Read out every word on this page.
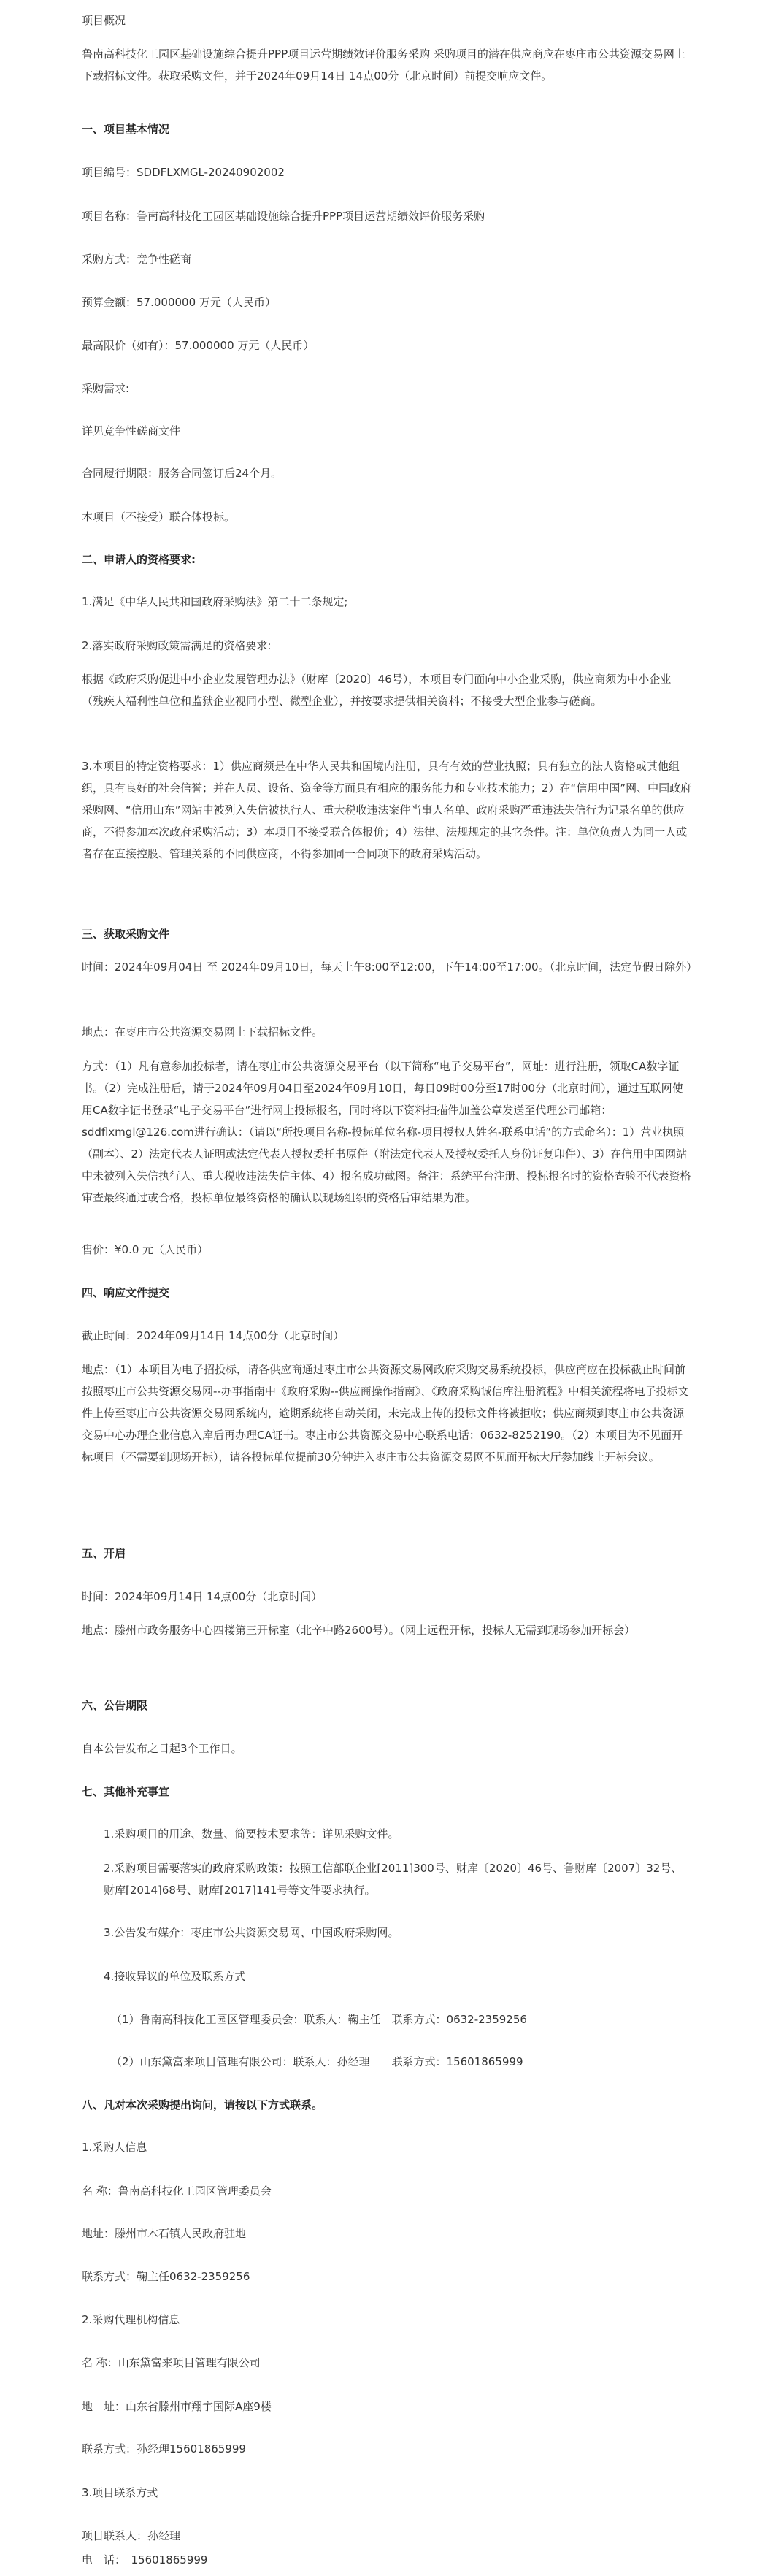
项目概况

鲁南高科技化工园区基础设施综合提升PPP项目运营期绩效评价服务采购 采购项目的潜在供应商应在枣庄市公共资源交易网上下载招标文件。获取采购文件，并于2024年09月14日 14点00分（北京时间）前提交响应文件。

一、项目基本情况

项目编号：SDDFLXMGL-20240902002

项目名称：鲁南高科技化工园区基础设施综合提升PPP项目运营期绩效评价服务采购

采购方式：竞争性磋商

预算金额：57.000000 万元（人民币）

最高限价（如有）：57.000000 万元（人民币）

采购需求:

详见竞争性磋商文件

合同履行期限：服务合同签订后24个月。

本项目（不接受）联合体投标。

二、申请人的资格要求:

1.满足《中华人民共和国政府采购法》第二十二条规定;

2.落实政府采购政策需满足的资格要求:

根据《政府采购促进中小企业发展管理办法》（财库〔2020〕46号），本项目专门面向中小企业采购，供应商须为中小企业（残疾人福利性单位和监狱企业视同小型、微型企业），并按要求提供相关资料；不接受大型企业参与磋商。

3.本项目的特定资格要求：1）供应商须是在中华人民共和国境内注册，具有有效的营业执照；具有独立的法人资格或其他组织，具有良好的社会信誉；并在人员、设备、资金等方面具有相应的服务能力和专业技术能力；2）在“信用中国”网、中国政府采购网、“信用山东”网站中被列入失信被执行人、重大税收违法案件当事人名单、政府采购严重违法失信行为记录名单的供应商，不得参加本次政府采购活动；3）本项目不接受联合体报价；4）法律、法规规定的其它条件。注：单位负责人为同一人或者存在直接控股、管理关系的不同供应商，不得参加同一合同项下的政府采购活动。

三、获取采购文件

时间：2024年09月04日 至 2024年09月10日，每天上午8:00至12:00，下午14:00至17:00。（北京时间，法定节假日除外）

地点：在枣庄市公共资源交易网上下载招标文件。

方式：（1）凡有意参加投标者，请在枣庄市公共资源交易平台（以下简称“电子交易平台”，网址：进行注册，领取CA数字证书。（2）完成注册后，请于2024年09月04日至2024年09月10日，每日09时00分至17时00分（北京时间），通过互联网使用CA数字证书登录“电子交易平台”进行网上投标报名，同时将以下资料扫描件加盖公章发送至代理公司邮箱：sddflxmgl@126.com进行确认：（请以“所投项目名称-投标单位名称-项目授权人姓名-联系电话”的方式命名）：1）营业执照（副本）、2）法定代表人证明或法定代表人授权委托书原件（附法定代表人及授权委托人身份证复印件）、3）在信用中国网站中未被列入失信执行人、重大税收违法失信主体、4）报名成功截图。备注：系统平台注册、投标报名时的资格查验不代表资格审查最终通过或合格，投标单位最终资格的确认以现场组织的资格后审结果为准。

售价：¥0.0 元（人民币）

四、响应文件提交

截止时间：2024年09月14日 14点00分（北京时间）

地点：（1）本项目为电子招投标，请各供应商通过枣庄市公共资源交易网政府采购交易系统投标，供应商应在投标截止时间前按照枣庄市公共资源交易网--办事指南中《政府采购--供应商操作指南》、《政府采购诚信库注册流程》中相关流程将电子投标文件上传至枣庄市公共资源交易网系统内，逾期系统将自动关闭，未完成上传的投标文件将被拒收；供应商须到枣庄市公共资源交易中心办理企业信息入库后再办理CA证书。枣庄市公共资源交易中心联系电话：0632-8252190。（2）本项目为不见面开标项目（不需要到现场开标），请各投标单位提前30分钟进入枣庄市公共资源交易网不见面开标大厅参加线上开标会议。

五、开启

时间：2024年09月14日 14点00分（北京时间）

地点：滕州市政务服务中心四楼第三开标室（北辛中路2600号）。（网上远程开标，投标人无需到现场参加开标会）

六、公告期限

自本公告发布之日起3个工作日。

七、其他补充事宜

1.采购项目的用途、数量、简要技术要求等：详见采购文件。

2.采购项目需要落实的政府采购政策：按照工信部联企业[2011]300号、财库〔2020〕46号、鲁财库〔2007〕32号、财库[2014]68号、财库[2017]141号等文件要求执行。

3.公告发布媒介：枣庄市公共资源交易网、中国政府采购网。

4.接收异议的单位及联系方式

（1）鲁南高科技化工园区管理委员会：联系人：鞠主任　联系方式：0632-2359256

（2）山东黛富来项目管理有限公司：联系人：孙经理　　联系方式：15601865999

八、凡对本次采购提出询问，请按以下方式联系。

1.采购人信息

名 称：鲁南高科技化工园区管理委员会

地址：滕州市木石镇人民政府驻地

联系方式：鞠主任0632-2359256

2.采购代理机构信息

名 称：山东黛富来项目管理有限公司

地　址：山东省滕州市翔宇国际A座9楼

联系方式：孙经理15601865999

3.项目联系方式

项目联系人：孙经理

电　话：　15601865999
